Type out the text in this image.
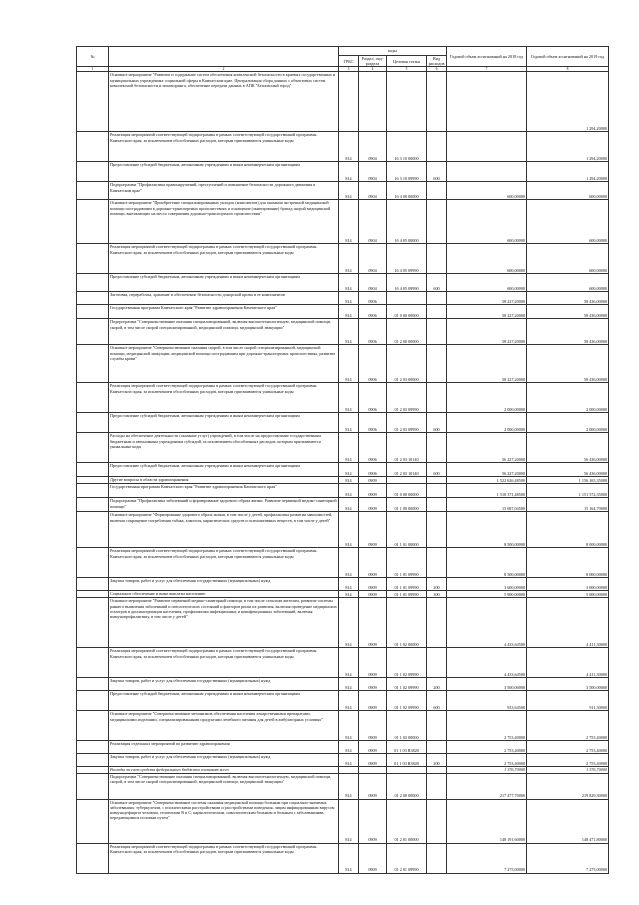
№		коды				Годовой объем ассигнований на 2018 год	Годовой объем ассигнований на 2019 год
		ГРБС	Раздел, под-раздела	Целевая статья	Вид расходов		
1	2	3	4	5	6	7	8
	Основное мероприятие "Развитие и содержание систем обеспечения комплексной безопасности в краевых государственных и муниципальных учреждениях социальной сферы в Камчатском крае. Централизация сбора данных с объектовых систем комплексной безопасности и мониторинга, обеспечение передачи данных в АПК "Безопасный город"						1 294,20000
	Реализация мероприятий соответствующей подпрограммы в рамках соответствующей государственной программы Камчатского края, за исключением обособленных расходов, которым присваиваются уникальные коды	814	0904	16 3 10 00000			1 294,20000
	Предоставление субсидий бюджетным, автономным учреждениям и иным некоммерческим организациям	814	0904	16 3 10 09990	600		1 294,20000
	Подпрограмма "Профилактика правонарушений, преступлений и повышение безопасности дорожного движения в Камчатском крае"	814	0904	16 4 00 00000		600,00000	600,00000
	Основное мероприятие "Приобретение специализированных укладок (комплектов) для оказания экстренной медицинской помощи пострадавшим в дорожно-транспортных происшествиях и оснащение (экипирование) бригад скорой медицинской помощи, выезжающих на место совершения дорожно-транспортного происшествия"	814	0904	16 4 05 00000		600,00000	600,00000
	Реализация мероприятий соответствующей подпрограммы в рамках соответствующей государственной программы Камчатского края, за исключением обособленных расходов, которым присваиваются уникальные коды	814	0904	16 4 05 09990		600,00000	600,00000
	Предоставление субсидий бюджетным, автономным учреждениям и иным некоммерческим организациям	814	0904	16 4 05 09990	600	600,00000	600,00000
	Заготовка, переработка, хранение и обеспечение безопасности донорской крови и ее компонентов	814	0906			58 227,20000	58 436,00000
	Государственная программа Камчатского края "Развитие здравоохранения Камчатского края"	814	0906	01 0 00 00000		58 227,20000	58 436,00000
	Подпрограмма "Совершенствование оказания специализированной, включая высокотехнологичную, медицинской помощи, скорой, в том числе скорой специализированной, медицинской помощи, медицинской эвакуации"	814	0906	01 2 00 00000		58 227,20000	58 436,00000
	Основное мероприятие "Совершенствование оказания скорой, в том числе скорой специализированной, медицинской помощи, медицинской эвакуации, медицинской помощи пострадавшим при дорожно-транспортных происшествиях, развитие службы крови"	814	0906	01 2 03 00000		58 227,20000	58 436,00000
	Реализация мероприятий соответствующей подпрограммы в рамках соответствующей государственной программы Камчатского края, за исключением обособленных расходов, которым присваиваются уникальные коды	814	0906	01 2 03 09990		2 000,00000	2 000,00000
	Предоставление субсидий бюджетным, автономным учреждениям и иным некоммерческим организациям	814	0906	01 2 03 09990	600	2 000,00000	2 000,00000
	Расходы на обеспечение деятельности (оказание услуг) учреждений, в том числе на предоставление государственным бюджетным и автономным учреждениям субсидий, за исключением обособленных расходов, которым присваиваются уникальные коды	814	0906	01 2 03 10140		56 227,20000	56 436,00000
	Предоставление субсидий бюджетным, автономным учреждениям и иным некоммерческим организациям	814	0906	01 2 03 10140	600	56 227,20000	56 436,00000
	Другие вопросы в области здравоохранения	814	0909			1 522 626,48500	1 156 165,35000
	Государственная программа Камчатского края "Развитие здравоохранения Камчатского края"	814	0909	01 0 00 00000		1 518 371,48500	1 151 572,35000
	Подпрограмма "Профилактика заболеваний и формирование здорового образа жизни. Развитие первичной медико-санитарной помощи"	814	0909	01 1 00 00000		15 687,04500	15 164,70000
	Основное мероприятие "Формирование здорового образа жизни, в том числе у детей, профилактика развития зависимостей, включая сокращение потребления табака, алкоголя, наркотических средств и психоактивных веществ, в том числе у детей"	814	0909	01 1 01 00000		8 500,00000	8 000,00000
	Реализация мероприятий соответствующей подпрограммы в рамках соответствующей государственной программы Камчатского края, за исключением обособленных расходов, которым присваиваются уникальные коды	814	0909	01 1 01 09990		8 500,00000	8 000,00000
	Закупка товаров, работ и услуг для обеспечения государственных (муниципальных) нужд	814	0909	01 1 01 09990	200	3 600,00000	3 000,00000
	Социальное обеспечение и иные выплаты населению	814	0909	01 1 01 09990	300	5 900,00000	5 000,00000
	Основное мероприятие "Развитие первичной медико-санитарной помощи, в том числе сельским жителям, развитие системы раннего выявления заболеваний и патологических состояний и факторов риска их развития, включая проведение медицинских осмотров и диспансеризации населения, профилактика инфекционных и неинфекционных заболеваний, включая иммунопрофилактику, в том числе у детей"	814	0909	01 1 02 00000		4 433,64500	4 411,30000
	Реализация мероприятий соответствующей подпрограммы в рамках соответствующей государственной программы Камчатского края, за исключением обособленных расходов, которым присваиваются уникальные коды	814	0909	01 1 02 09990		4 433,64500	4 411,30000
	Закупка товаров, работ и услуг для обеспечения государственных (муниципальных) нужд	814	0909	01 1 02 09990	200	3 500,00000	3 500,00000
	Предоставление субсидий бюджетным, автономным учреждениям и иным некоммерческим организациям	814	0909	01 1 02 09990	600	933,64500	911,30000
	Основное мероприятие "Совершенствование механизмов обеспечения населения лекарственными препаратами, медицинскими изделиями, специализированными продуктами лечебного питания для детей в амбулаторных условиях"	814	0909	01 1 03 00000		2 753,40000	2 753,40000
	Реализация отдельных мероприятий по развитию здравоохранения	814	0909	01 1 03 R3820		2 753,40000	2 753,40000
	Закупка товаров, работ и услуг для обеспечения государственных (муниципальных) нужд	814	0909	01 1 03 R3820	200	2 753,40000	2 753,40000
	Расходы за счет средств федерального бюджета составит всего					1 376,70000	1 376,70000
	Подпрограмма "Совершенствование оказания специализированной, включая высокотехнологичную, медицинской помощи, скорой, в том числе скорой специализированной, медицинской помощи, медицинской эвакуации"	814	0909	01 2 00 00000		217 477,70000	219 829,30000
	Основное мероприятие "Совершенствование системы оказания медицинской помощи больным при социально-значимых заболеваниях: туберкулезом, с психическими расстройствами и расстройствами поведения, лицам инфицированным вирусом иммунодефицита человека, гепатитами В и С, наркологическим, онкологическим больным и больным с заболеваниями, передающимися половым путем"	814	0909	01 2 01 00000		148 191,60000	148 471,80000
	Реализация мероприятий соответствующей подпрограммы в рамках соответствующей государственной программы Камчатского края, за исключением обособленных расходов, которым присваиваются уникальные коды	814	0909	01 2 01 09990		7 275,00000	7 275,00000
